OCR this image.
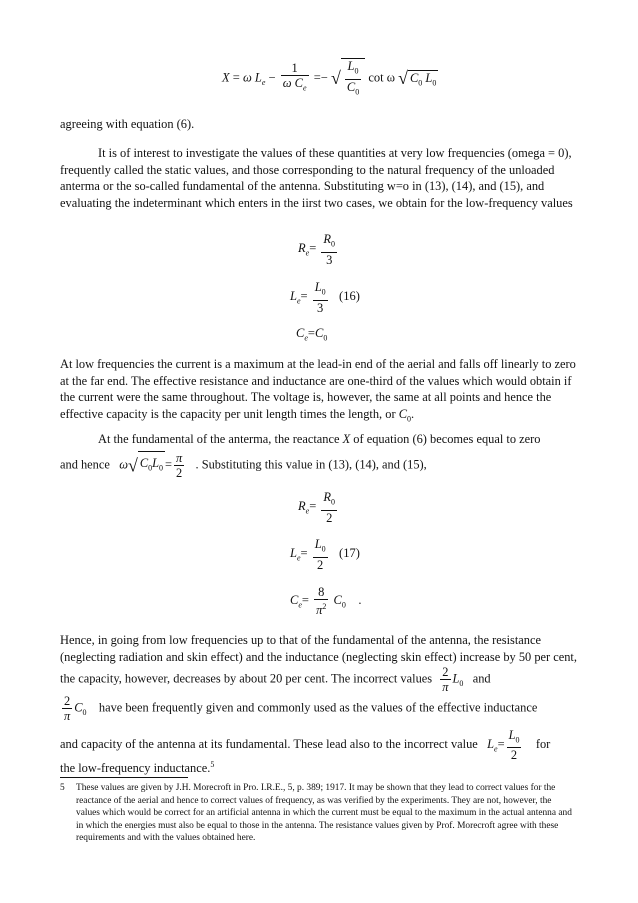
X = ω $L_e - \frac{1}{\omega C_e}$ =− √ $\frac{L_0}{C_0}$ cot ω √ $C_0$ $L_0$

agreeing with equation (6).

It is of interest to investigate the values of these quantities at very low frequencies (omega = 0), frequently called the static values, and those corresponding to the natural frequency of the unloaded anterma or the so-called fundamental of the antenna. Substituting w=o in (13), (14), and (15), and evaluating the indeterminant which enters in the iirst two cases, we obtain for the low-frequency values

$R_e= \frac{R_0}{3}$
$L_e= \frac{L_0}{3} (16)$
$C_e=C_0$

At low frequencies the current is a maximum at the lead-in end of the aerial and falls off linearly to zero at the far end. The effective resistance and inductance are one-third of the values which would obtain if the current were the same throughout. The voltage is, however, the same at all points and hence the effective capacity is the capacity per unit length times the length, or $C_0$.

At the fundamental of the anterma, the reactance X of equation (6) becomes equal to zero

and hence ω√ $C_0L_0 = \frac{\pi}{2}$ . Substituting this value in (13), (14), and (15),
$R_e= \frac{R_0}{2}$
$L_e= \frac{L_0}{2} (17)$
$C_e= \frac{8}{\pi^2} C_0$ .
Hence, in going from low frequencies up to that of the fundamental of the antenna, the resistance (neglecting radiation and skin effect) and the inductance (neglecting skin effect) increase by 50 per cent, the capacity, however, decreases by about 20 per cent. The incorrect values $\frac{2}{\pi} L_0$ and
$\frac{2}{\pi} C_0$ have been frequently given and commonly used as the values of the effective inductance
and capacity of the antenna at its fundamental. These lead also to the incorrect value $L_e= \frac{L_0}{2}$ for
the low-frequency inductance.$^5$
5 These values are given by J.H. Morecroft in Pro. I.R.E., 5, p. 389; 1917. It may be shown that they lead to correct values for the reactance of the aerial and hence to correct values of frequency, as was verified by the experiments. They are not, however, the values which would be correct for an artificial antenna in which the current must be equal to the maximum in the actual antenna and in which the energies must also be equal to those in the antenna. The resistance values given by Prof. Morecroft agree with these requirements and with the values obtained here.
